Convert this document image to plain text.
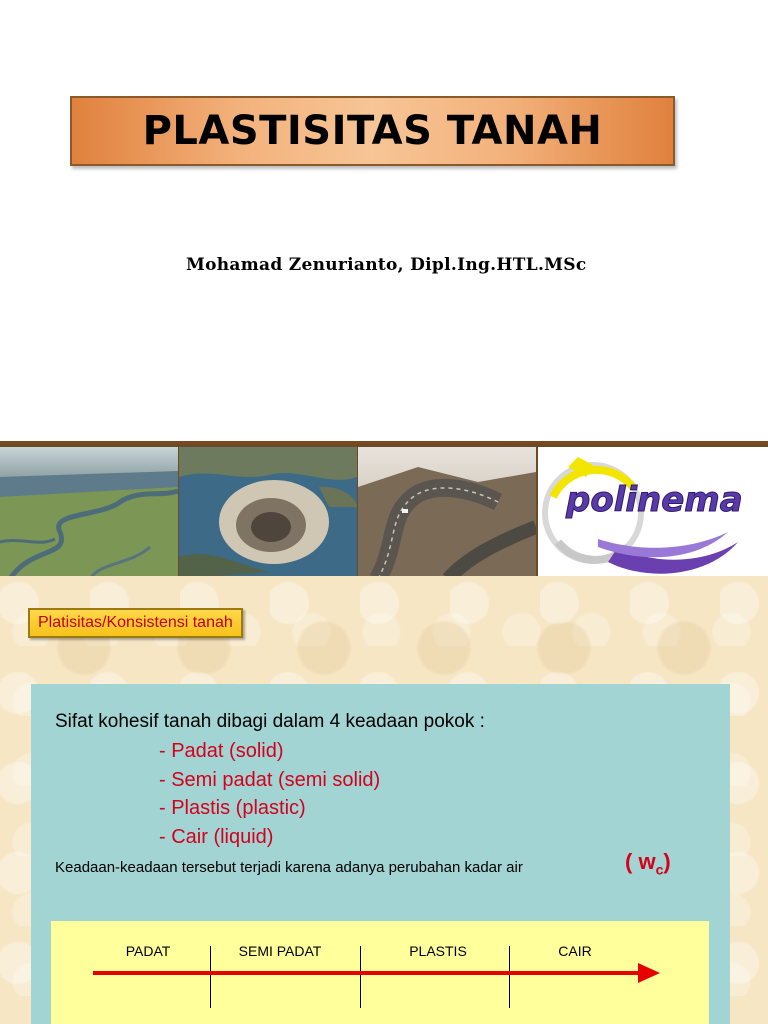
PLASTISITAS TANAH
Mohamad Zenurianto, Dipl.Ing.HTL.MSc
polinema
Platisitas/Konsistensi tanah
Sifat kohesif tanah dibagi dalam 4 keadaan pokok :
- Padat (solid)
- Semi padat (semi solid)
- Plastis (plastic)
- Cair (liquid)
Keadaan-keadaan tersebut terjadi karena adanya perubahan kadar air	( $w_c$)
PADAT	SEMI PADAT	PLASTIS	CAIR
